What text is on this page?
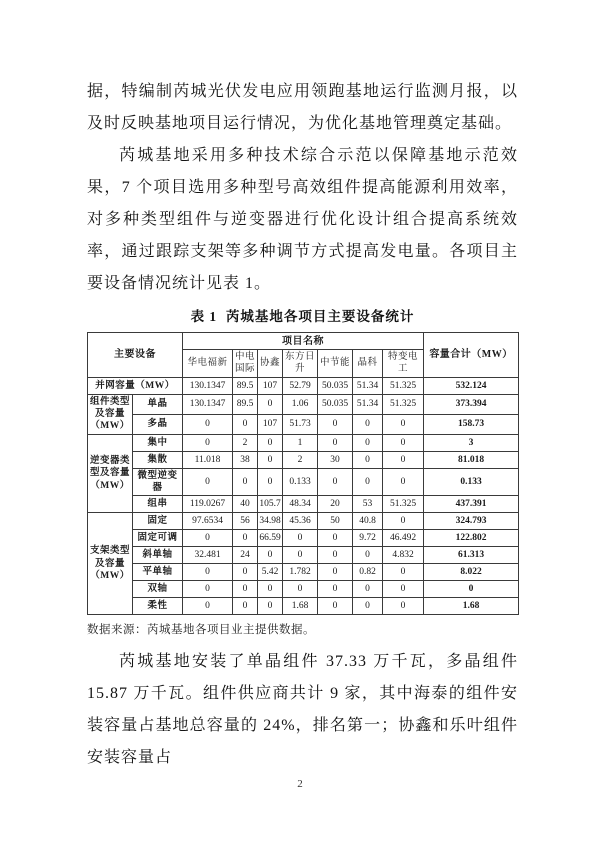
据，特编制芮城光伏发电应用领跑基地运行监测月报，以及时反映基地项目运行情况，为优化基地管理奠定基础。

芮城基地采用多种技术综合示范以保障基地示范效果，7 个项目选用多种型号高效组件提高能源利用效率，对多种类型组件与逆变器进行优化设计组合提高系统效率，通过跟踪支架等多种调节方式提高发电量。各项目主要设备情况统计见表 1。

表 1  芮城基地各项目主要设备统计
主要设备		项目名称							容量合计（MW）
		华电福新	中电国际	协鑫	东方日升	中节能	晶科	特变电工	
并网容量（MW）		130.1347	89.5	107	52.79	50.035	51.34	51.325	532.124
组件类型及容量（MW）	单晶	130.1347	89.5	0	1.06	50.035	51.34	51.325	373.394
	多晶	0	0	107	51.73	0	0	0	158.73
逆变器类型及容量（MW）	集中	0	2	0	1	0	0	0	3
	集散	11.018	38	0	2	30	0	0	81.018
	微型逆变器	0	0	0	0.133	0	0	0	0.133
	组串	119.0267	40	105.7	48.34	20	53	51.325	437.391
支架类型及容量（MW）	固定	97.6534	56	34.98	45.36	50	40.8	0	324.793
	固定可调	0	0	66.59	0	0	9.72	46.492	122.802
	斜单轴	32.481	24	0	0	0	0	4.832	61.313
	平单轴	0	0	5.42	1.782	0	0.82	0	8.022
	双轴	0	0	0	0	0	0	0	0
	柔性	0	0	0	1.68	0	0	0	1.68
数据来源：芮城基地各项目业主提供数据。

芮城基地安装了单晶组件 37.33 万千瓦，多晶组件 15.87 万千瓦。组件供应商共计 9 家，其中海泰的组件安装容量占基地总容量的 24%，排名第一；协鑫和乐叶组件安装容量占

2
